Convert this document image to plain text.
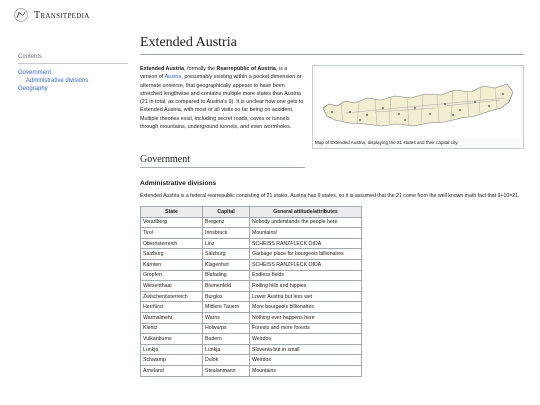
Transitpedia
Contents
Government
Administrative divisions
Geography
Extended Austria

Extended Austria, formally the Rearrepublic of Austria, is a version of Austria, presumably existing within a pocket dimension or alternate universe, that geographically appears to have been stretched lengthwise and contains multiple more states than Austria (21 in total, as compared to Austria's 9). It is unclear how one gets to Extended Austria, with most or all visits so far being on accident. Multiple theories exist, including secret roads, caves or tunnels through mountains, underground tunnels, and even wormholes.

Map of Extended Austria, displaying the 21 states and their capital city.
Government
Administrative divisions

Extended Austria is a federal rearrepublic consisting of 21 states. Austria has 9 states, so it is assumed that the 21 come from the well known math fact that 9+10=21.

State	Capital	General attitude/attributes
Vorarlberg	Bregenz	Nobody understands the people here
Tirol	Innsbruck	Mountains!
Oberösterreich	Linz	SCHEISS RANZFLECK OIDA
Salzburg	Salzburg	Garbage place for bourgeois billionaires
Kärnten	Klagenfurt	SCHEISS RANZFLECK OIDA
Gropfen	Blafading	Endless fields
Wiesenthaal	Blumenfeld	Rolling hills and hippies
Zwischenösterreich	Burglos	Lower Austria but less wet
Herrfürst	Mittlere Tauern	More bourgeois billionaires
Warmalmehr	Warns	Nothing ever happens here
Klentz	Holwurps	Forests and more forests
Vulkanburns	Budern	Weirdos
Lunkja	Lunkja	Slovenia but in small
Schwamp	Dulok	Weirdos
Arneland	Stealanmann	Mountains
